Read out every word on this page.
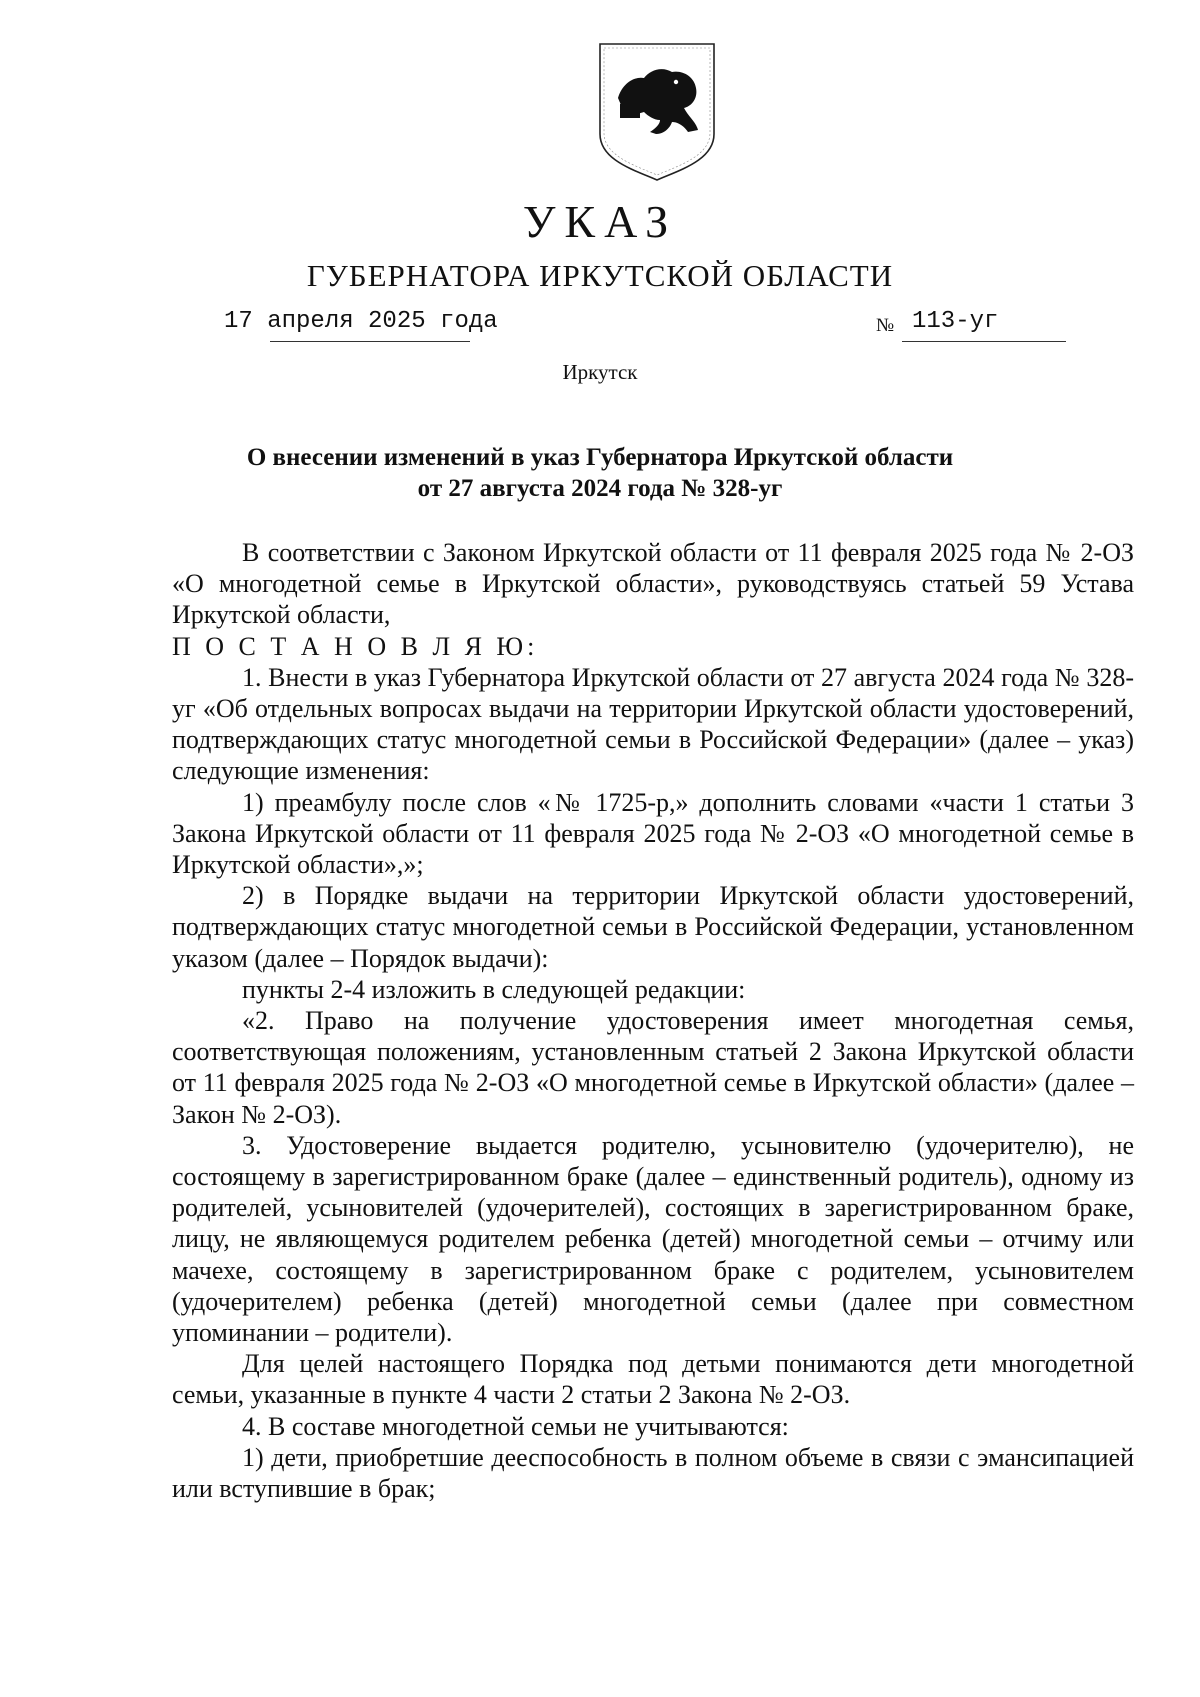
УКАЗ
ГУБЕРНАТОРА ИРКУТСКОЙ ОБЛАСТИ
17 апреля 2025 года	№ 113-уг
Иркутск
О внесении изменений в указ Губернатора Иркутской области
от 27 августа 2024 года № 328-уг

В соответствии с Законом Иркутской области от 11 февраля 2025 года № 2-ОЗ «О многодетной семье в Иркутской области», руководствуясь статьей 59 Устава Иркутской области,

П О С Т А Н О В Л Я Ю:

1. Внести в указ Губернатора Иркутской области от 27 августа 2024 года № 328-уг «Об отдельных вопросах выдачи на территории Иркутской области удостоверений, подтверждающих статус многодетной семьи в Российской Федерации» (далее – указ) следующие изменения:

1) преамбулу после слов «№ 1725-р,» дополнить словами «части 1 статьи 3 Закона Иркутской области от 11 февраля 2025 года № 2-ОЗ «О многодетной семье в Иркутской области»,»;

2) в Порядке выдачи на территории Иркутской области удостоверений, подтверждающих статус многодетной семьи в Российской Федерации, установленном указом (далее – Порядок выдачи):

пункты 2-4 изложить в следующей редакции:

«2. Право на получение удостоверения имеет многодетная семья, соответствующая положениям, установленным статьей 2 Закона Иркутской области от 11 февраля 2025 года № 2-ОЗ «О многодетной семье в Иркутской области» (далее – Закон № 2-ОЗ).

3. Удостоверение выдается родителю, усыновителю (удочерителю), не состоящему в зарегистрированном браке (далее – единственный родитель), одному из родителей, усыновителей (удочерителей), состоящих в зарегистрированном браке, лицу, не являющемуся родителем ребенка (детей) многодетной семьи – отчиму или мачехе, состоящему в зарегистрированном браке с родителем, усыновителем (удочерителем) ребенка (детей) многодетной семьи (далее при совместном упоминании – родители).

Для целей настоящего Порядка под детьми понимаются дети многодетной семьи, указанные в пункте 4 части 2 статьи 2 Закона № 2-ОЗ.

4. В составе многодетной семьи не учитываются:

1) дети, приобретшие дееспособность в полном объеме в связи с эмансипацией или вступившие в брак;
